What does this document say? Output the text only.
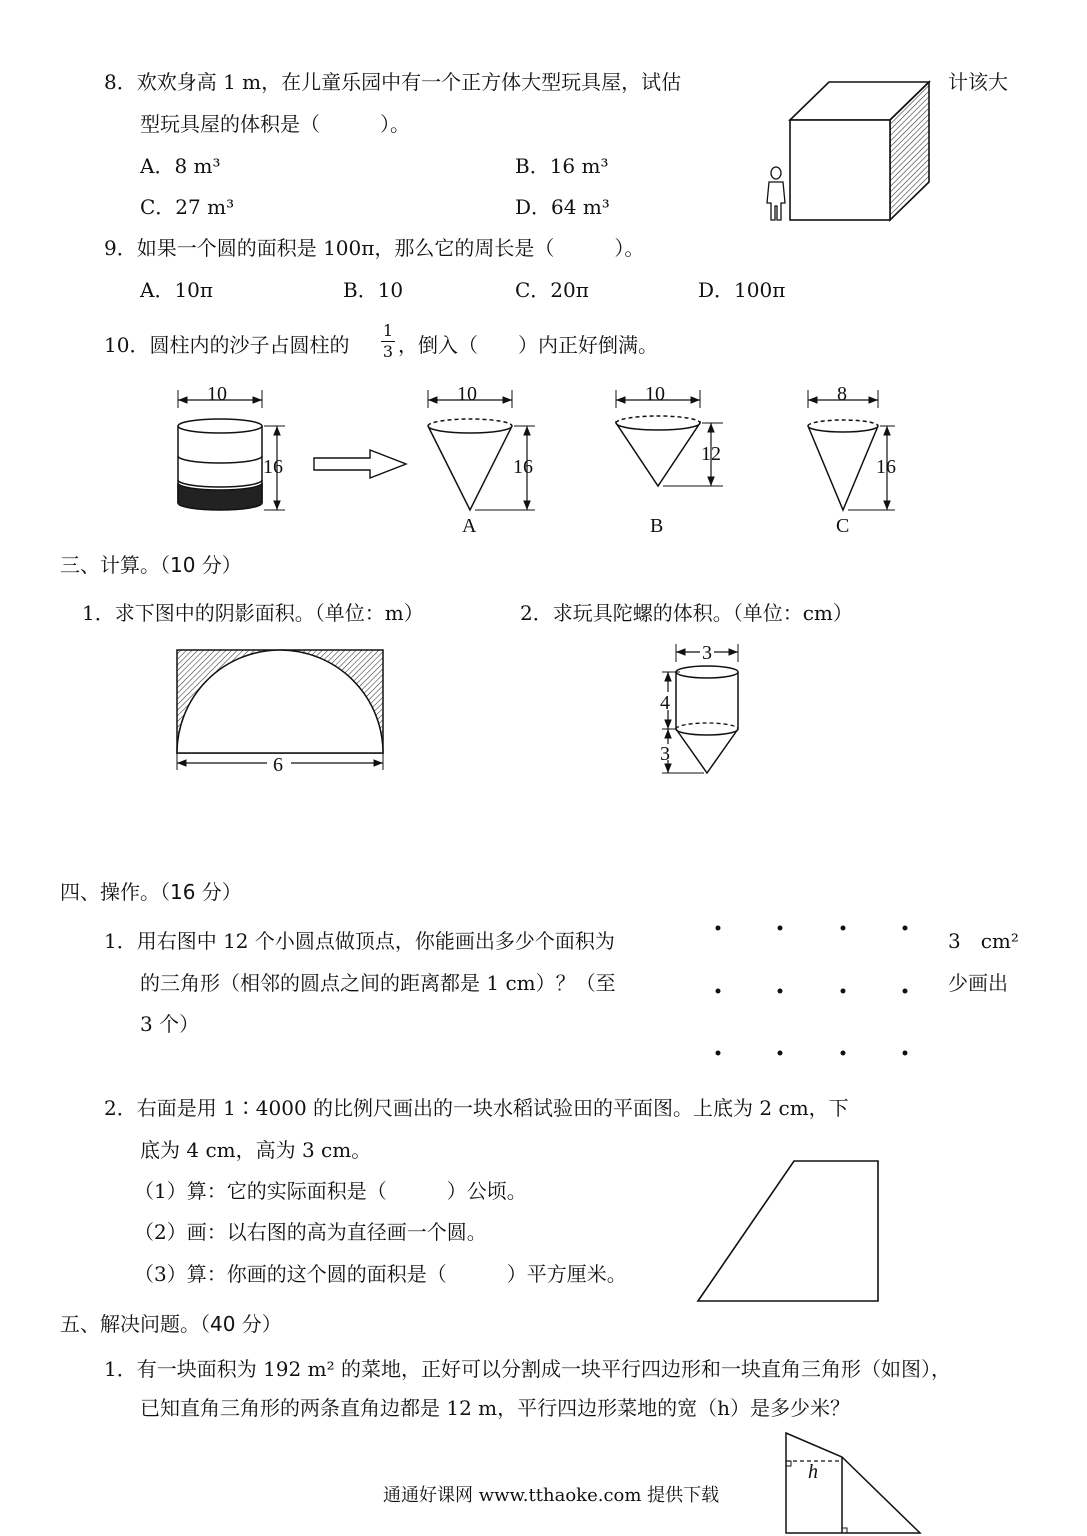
8．欢欢身高 1 m，在儿童乐园中有一个正方体大型玩具屋，试估	计该大
型玩具屋的体积是（　　　）。
A．8 m³	B．16 m³
C．27 m³	D．64 m³
9．如果一个圆的面积是 100π，那么它的周长是（　　　）。
A．10π	B．10	C．20π	D．100π
10．圆柱内的沙子占圆柱的
1
3 ，倒入（　　）内正好倒满。
10
16
10
16
A
10
12
B
8
16
C
三、计算。（10 分）
1．求下图中的阴影面积。（单位：m）	2．求玩具陀螺的体积。（单位：cm）
6
3
4
3
四、操作。（16 分）
1．用右图中 12 个小圆点做顶点，你能画出多少个面积为	3　cm²
的三角形（相邻的圆点之间的距离都是 1 cm）？（至	少画出
3 个）
2．右面是用 1∶4000 的比例尺画出的一块水稻试验田的平面图。上底为 2 cm，下
底为 4 cm，高为 3 cm。
（1）算：它的实际面积是（　　　）公顷。
（2）画：以右图的高为直径画一个圆。
（3）算：你画的这个圆的面积是（　　　）平方厘米。
五、解决问题。（40 分）
1．有一块面积为 192 m² 的菜地，正好可以分割成一块平行四边形和一块直角三角形（如图），
已知直角三角形的两条直角边都是 12 m，平行四边形菜地的宽（h）是多少米？
h
通通好课网 www.tthaoke.com 提供下载
